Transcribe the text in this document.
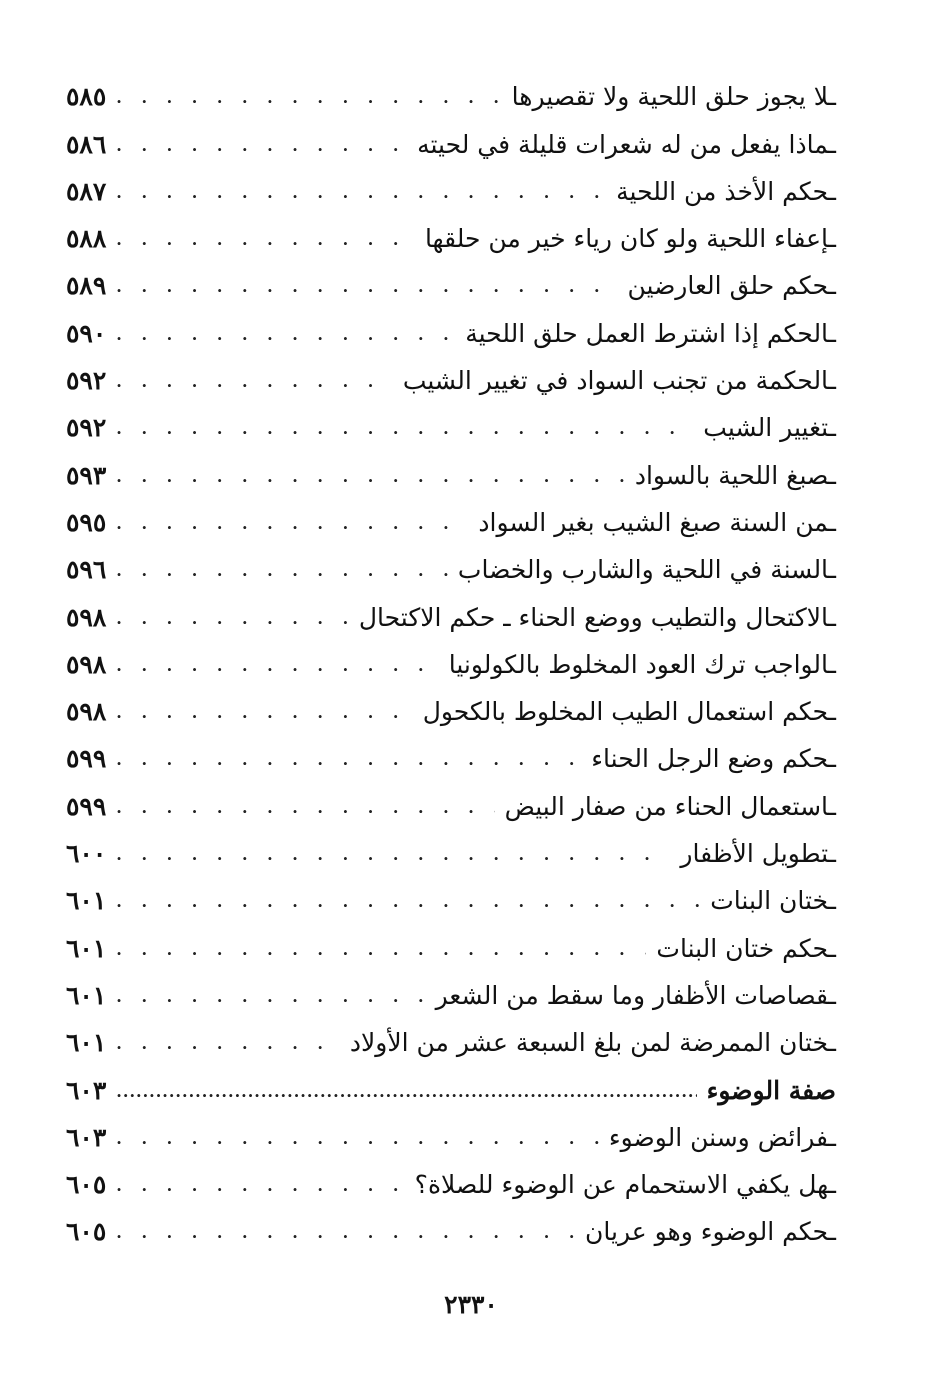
ـلا يجوز حلق اللحية ولا تقصيرها
. . .
٥٨٥
ـماذا يفعل من له شعرات قليلة في لحيته
. . .
٥٨٦
ـحكم الأخذ من اللحية
. . .
٥٨٧
ـإعفاء اللحية ولو كان رياء خير من حلقها
. . .
٥٨٨
ـحكم حلق العارضين
. . .
٥٨٩
ـالحكم إذا اشترط العمل حلق اللحية
. . .
٥٩٠
ـالحكمة من تجنب السواد في تغيير الشيب
. . .
٥٩٢
ـتغيير الشيب
. . .
٥٩٢
ـصبغ اللحية بالسواد
. . .
٥٩٣
ـمن السنة صبغ الشيب بغير السواد
. . .
٥٩٥
ـالسنة في اللحية والشارب والخضاب
. . .
٥٩٦
ـالاكتحال والتطيب ووضع الحناء ـ حكم الاكتحال
. . .
٥٩٨
ـالواجب ترك العود المخلوط بالكولونيا
. . .
٥٩٨
ـحكم استعمال الطيب المخلوط بالكحول
. . .
٥٩٨
ـحكم وضع الرجل الحناء
. . .
٥٩٩
ـاستعمال الحناء من صفار البيض
. . .
٥٩٩
ـتطويل الأظفار
. . .
٦٠٠
ـختان البنات
. . .
٦٠١
ـحكم ختان البنات
. . .
٦٠١
ـقصاصات الأظفار وما سقط من الشعر
. . .
٦٠١
ـختان الممرضة لمن بلغ السبعة عشر من الأولاد
. . .
٦٠١
صفة الوضوء
.....
٦٠٣
ـفرائض وسنن الوضوء
. . .
٦٠٣
ـهل يكفي الاستحمام عن الوضوء للصلاة؟
. . .
٦٠٥
ـحكم الوضوء وهو عريان
. . .
٦٠٥
٢٣٣٠
